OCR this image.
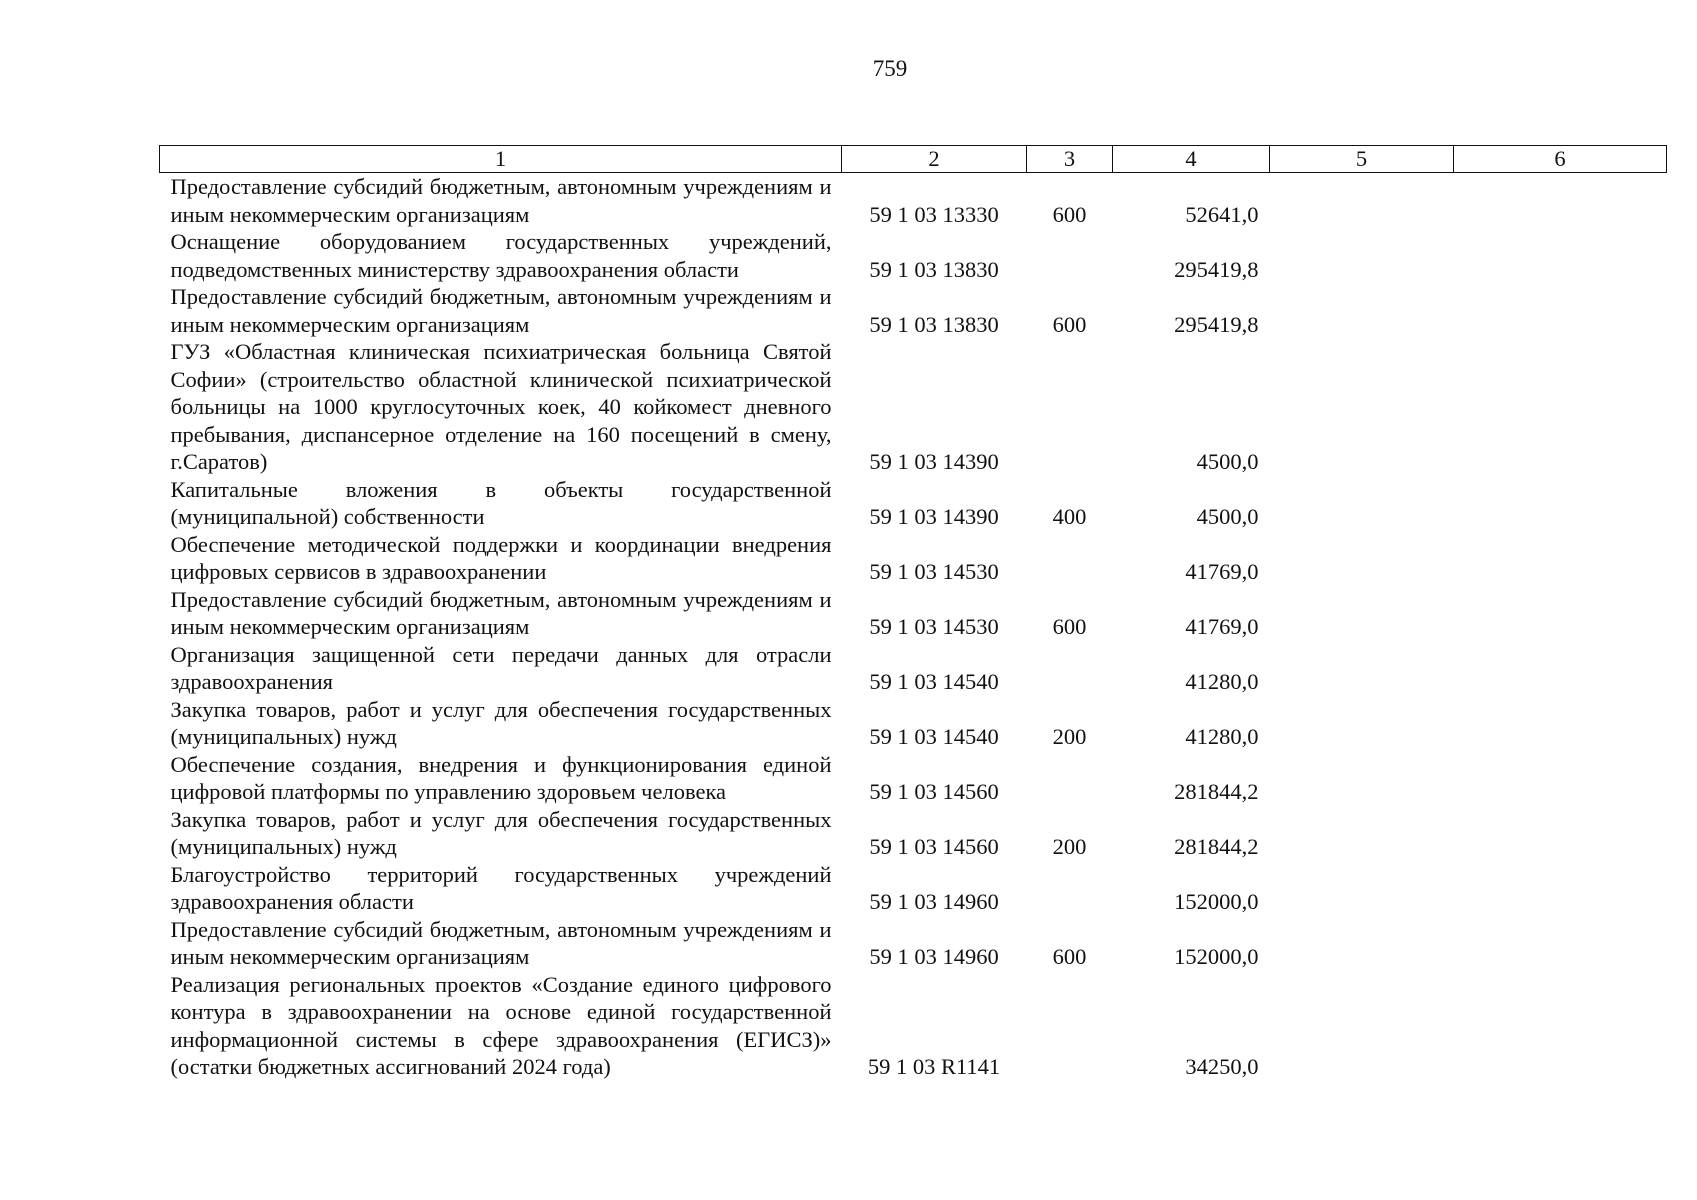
759
1	2	3	4	5	6
Предоставление субсидий бюджетным, автономным учреждениям и иным некоммерческим организациям	59 1 03 13330	600	52641,0		
Оснащение оборудованием государственных учреждений, подведомственных министерству здравоохранения области	59 1 03 13830		295419,8		
Предоставление субсидий бюджетным, автономным учреждениям и иным некоммерческим организациям	59 1 03 13830	600	295419,8		
ГУЗ «Областная клиническая психиатрическая больница Святой Софии» (строительство областной клинической психиатрической больницы на 1000 круглосуточных коек, 40 койкомест дневного пребывания, диспансерное отделение на 160 посещений в смену, г.Саратов)	59 1 03 14390		4500,0		
Капитальные вложения в объекты государственной (муниципальной) собственности	59 1 03 14390	400	4500,0		
Обеспечение методической поддержки и координации внедрения цифровых сервисов в здравоохранении	59 1 03 14530		41769,0		
Предоставление субсидий бюджетным, автономным учреждениям и иным некоммерческим организациям	59 1 03 14530	600	41769,0		
Организация защищенной сети передачи данных для отрасли здравоохранения	59 1 03 14540		41280,0		
Закупка товаров, работ и услуг для обеспечения государственных (муниципальных) нужд	59 1 03 14540	200	41280,0		
Обеспечение создания, внедрения и функционирования единой цифровой платформы по управлению здоровьем человека	59 1 03 14560		281844,2		
Закупка товаров, работ и услуг для обеспечения государственных (муниципальных) нужд	59 1 03 14560	200	281844,2		
Благоустройство территорий государственных учреждений здравоохранения области	59 1 03 14960		152000,0		
Предоставление субсидий бюджетным, автономным учреждениям и иным некоммерческим организациям	59 1 03 14960	600	152000,0		
Реализация региональных проектов «Создание единого цифрового контура в здравоохранении на основе единой государственной информационной системы в сфере здравоохранения (ЕГИСЗ)» (остатки бюджетных ассигнований 2024 года)	59 1 03 R1141		34250,0		
